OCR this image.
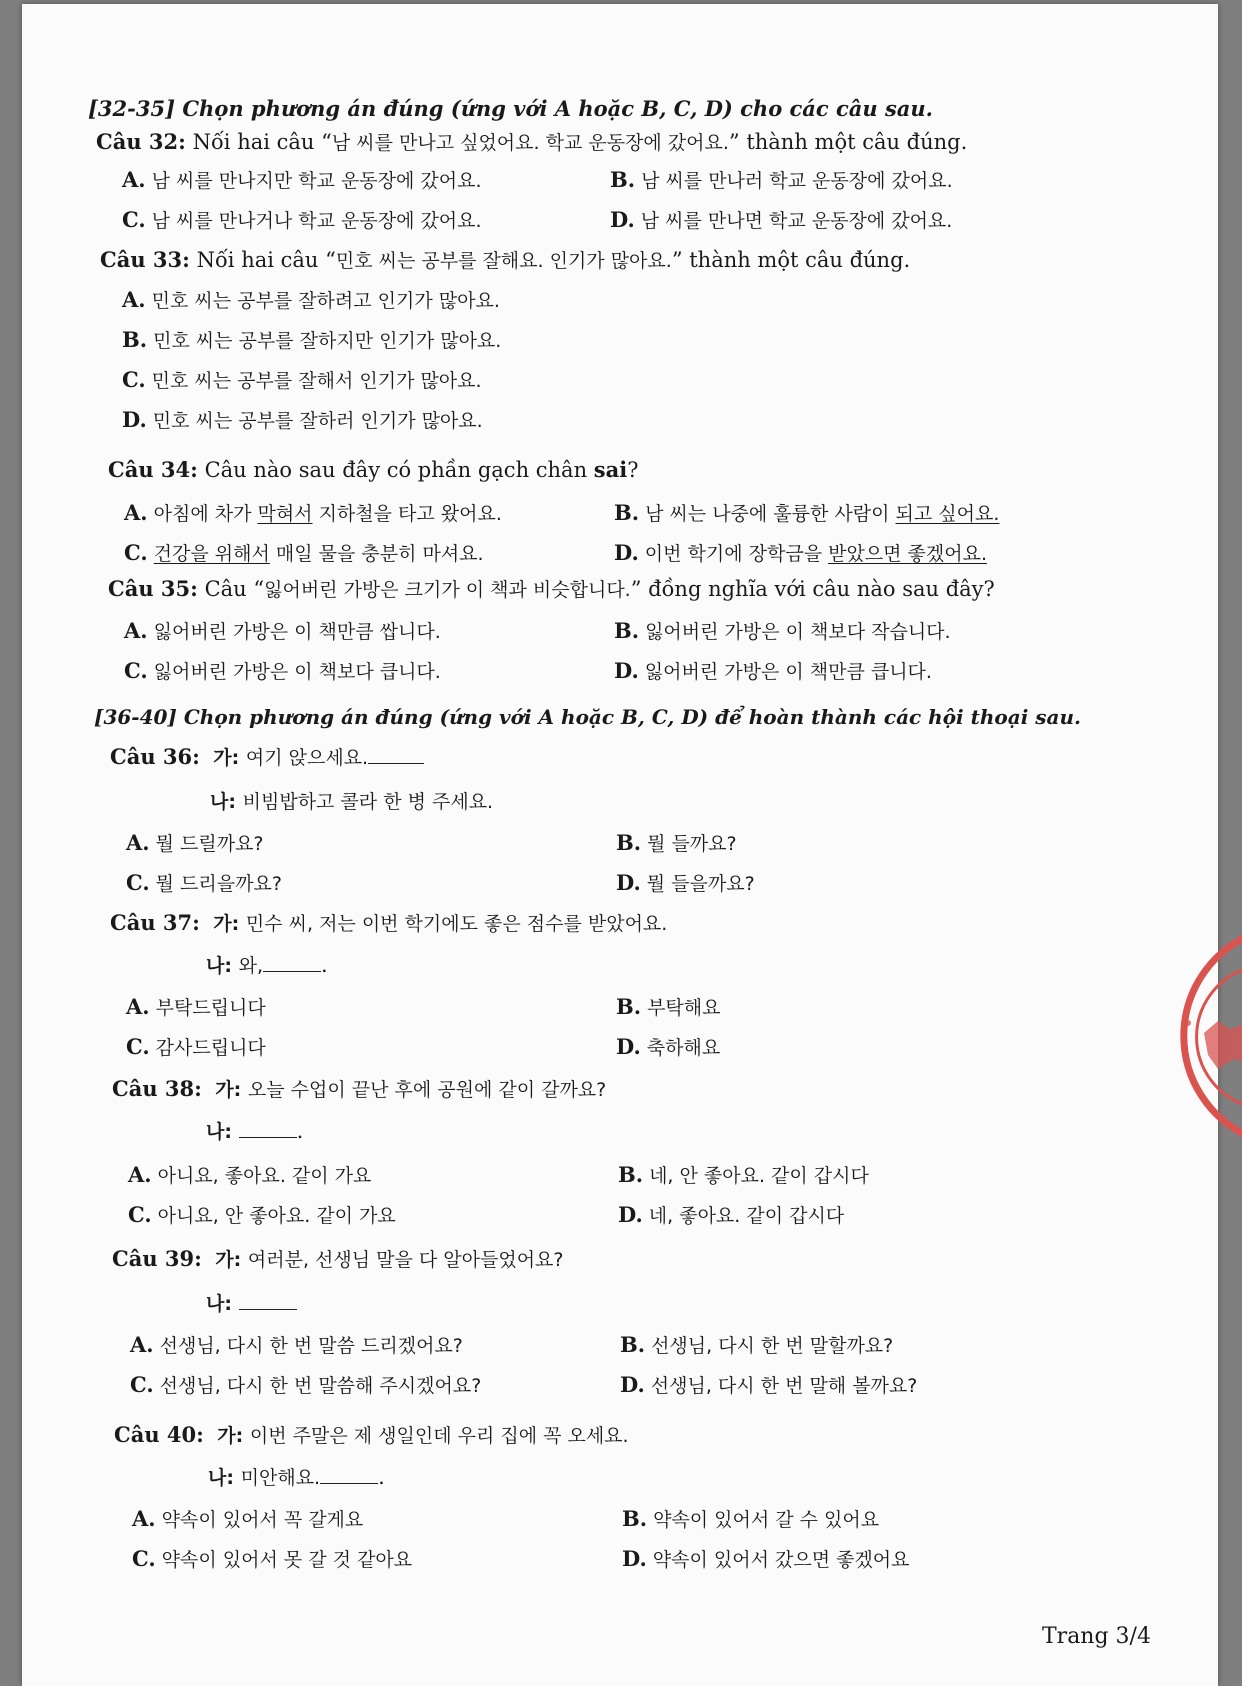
[32-35] Chọn phương án đúng (ứng với A hoặc B, C, D) cho các câu sau.
Câu 32: Nối hai câu “남 씨를 만나고 싶었어요. 학교 운동장에 갔어요.” thành một câu đúng.
A. 남 씨를 만나지만 학교 운동장에 갔어요.	B. 남 씨를 만나러 학교 운동장에 갔어요.
C. 남 씨를 만나거나 학교 운동장에 갔어요.	D. 남 씨를 만나면 학교 운동장에 갔어요.
Câu 33: Nối hai câu “민호 씨는 공부를 잘해요. 인기가 많아요.” thành một câu đúng.
A. 민호 씨는 공부를 잘하려고 인기가 많아요.
B. 민호 씨는 공부를 잘하지만 인기가 많아요.
C. 민호 씨는 공부를 잘해서 인기가 많아요.
D. 민호 씨는 공부를 잘하러 인기가 많아요.
Câu 34: Câu nào sau đây có phần gạch chân sai?
A. 아침에 차가 막혀서 지하철을 타고 왔어요.	B. 남 씨는 나중에 훌륭한 사람이 되고 싶어요.
C. 건강을 위해서 매일 물을 충분히 마셔요.	D. 이번 학기에 장학금을 받았으면 좋겠어요.
Câu 35: Câu “잃어버린 가방은 크기가 이 책과 비슷합니다.” đồng nghĩa với câu nào sau đây?
A. 잃어버린 가방은 이 책만큼 쌉니다.	B. 잃어버린 가방은 이 책보다 작습니다.
C. 잃어버린 가방은 이 책보다 큽니다.	D. 잃어버린 가방은 이 책만큼 큽니다.
[36-40] Chọn phương án đúng (ứng với A hoặc B, C, D) để hoàn thành các hội thoại sau.
Câu 36: 가: 여기 앉으세요.
나: 비빔밥하고 콜라 한 병 주세요.
A. 뭘 드릴까요?	B. 뭘 들까요?
C. 뭘 드리을까요?	D. 뭘 들을까요?
Câu 37: 가: 민수 씨, 저는 이번 학기에도 좋은 점수를 받았어요.
나: 와,	.
A. 부탁드립니다	B. 부탁해요
C. 감사드립니다	D. 축하해요
Câu 38: 가: 오늘 수업이 끝난 후에 공원에 같이 갈까요?
나:	.
A. 아니요, 좋아요. 같이 가요	B. 네, 안 좋아요. 같이 갑시다
C. 아니요, 안 좋아요. 같이 가요	D. 네, 좋아요. 같이 갑시다
Câu 39: 가: 여러분, 선생님 말을 다 알아들었어요?
나:
A. 선생님, 다시 한 번 말씀 드리겠어요?	B. 선생님, 다시 한 번 말할까요?
C. 선생님, 다시 한 번 말씀해 주시겠어요?	D. 선생님, 다시 한 번 말해 볼까요?
Câu 40: 가: 이번 주말은 제 생일인데 우리 집에 꼭 오세요.
나: 미안해요.	.
A. 약속이 있어서 꼭 갈게요	B. 약속이 있어서 갈 수 있어요
C. 약속이 있어서 못 갈 것 같아요	D. 약속이 있어서 갔으면 좋겠어요
Trang 3/4
